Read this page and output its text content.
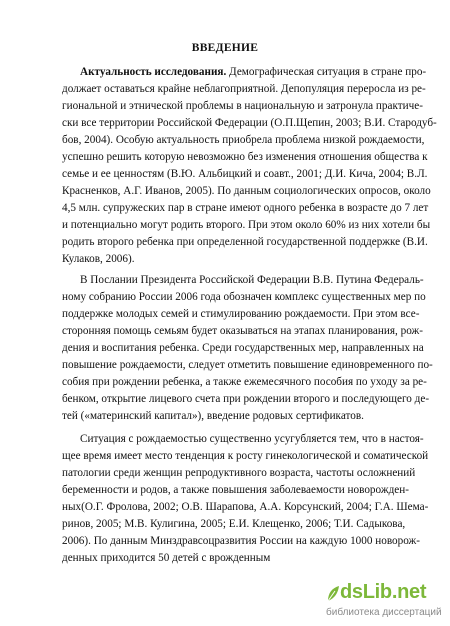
ВВЕДЕНИЕ
Актуальность исследования. Демографическая ситуация в стране про-
должает оставаться крайне неблагоприятной. Депопуляция переросла из ре-
гиональной и этнической проблемы в национальную и затронула практиче-
ски все территории Российской Федерации (О.П.Щепин, 2003; В.И. Стародуб-
бов, 2004). Особую актуальность приобрела проблема низкой рождаемости,
успешно решить которую невозможно без изменения отношения общества к
семье и ее ценностям (В.Ю. Альбицкий и соавт., 2001; Д.И. Кича, 2004; В.Л.
Красненков, А.Г. Иванов, 2005). По данным социологических опросов, около
4,5 млн. супружеских пар в стране имеют одного ребенка в возрасте до 7 лет
и потенциально могут родить второго. При этом около 60% из них хотели бы
родить второго ребенка при определенной государственной поддержке (В.И.
Кулаков, 2006).
В Послании Президента Российской Федерации В.В. Путина Федераль-
ному собранию России 2006 года обозначен комплекс существенных мер по
поддержке молодых семей и стимулированию рождаемости. При этом все-
сторонняя помощь семьям будет оказываться на этапах планирования, рож-
дения и воспитания ребенка. Среди государственных мер, направленных на
повышение рождаемости, следует отметить повышение единовременного по-
собия при рождении ребенка, а также ежемесячного пособия по уходу за ре-
бенком, открытие лицевого счета при рождении второго и последующего де-
тей («материнский капитал»), введение родовых сертификатов.
Ситуация с рождаемостью существенно усугубляется тем, что в настоя-
щее время имеет место тенденция к росту гинекологической и соматической
патологии среди женщин репродуктивного возраста, частоты осложнений
беременности и родов, а также повышения заболеваемости новорожден-
ных(О.Г. Фролова, 2002; О.В. Шарапова, А.А. Корсунский, 2004; Г.А. Шема-
ринов, 2005; М.В. Кулигина, 2005; Е.И. Клещенко, 2006; Т.И. Садыкова,
2006). По данным Минздравсоцразвития России на каждую 1000 новорож-
денных приходится 50 детей с врожденным
dsLib.net
библиотека диссертаций
